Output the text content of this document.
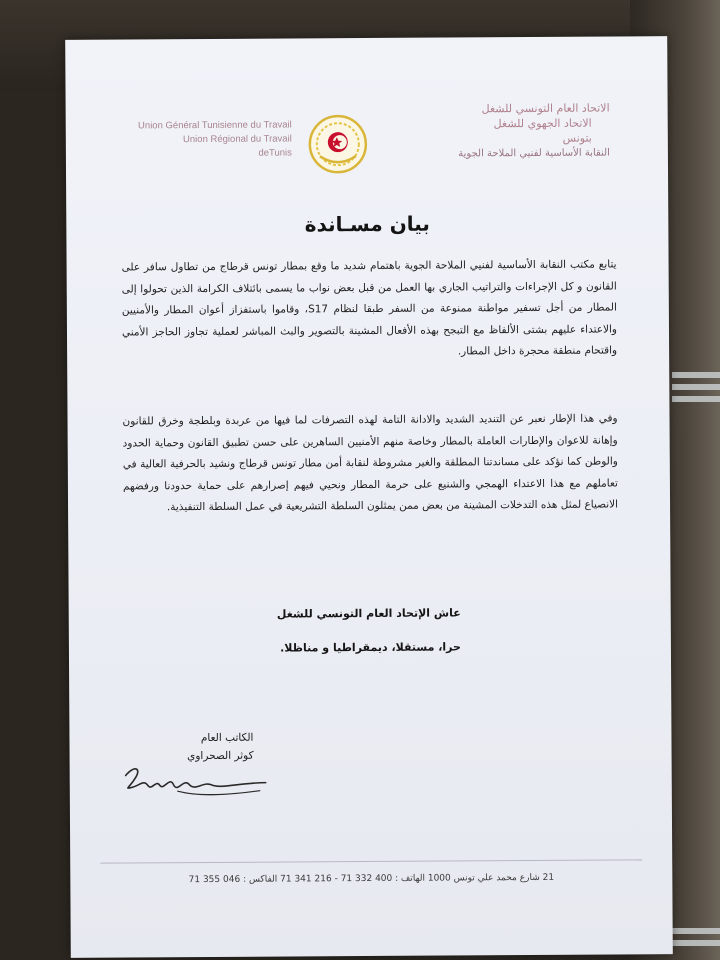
Union Général Tunisienne du Travail
Union Régional du Travail
deTunis
الاتحاد العام التونسي للشغل
الاتحاد الجهوي للشغل
بتونس
النقابة الأساسية لفنيي الملاحة الجوية
بيان مسـاندة
يتابع مكتب النقابة الأساسية لفنيي الملاحة الجوية باهتمام شديد ما وقع بمطار تونس قرطاج من تطاول سافر على القانون و كل الإجراءات والتراتيب الجاري بها العمل من قبل بعض نواب ما يسمى بائتلاف الكرامة الذين تحولوا إلى المطار من أجل تسفير مواطنة ممنوعة من السفر طبقا لنظام S17، وقاموا باستفزاز أعوان المطار والأمنيين والاعتداء عليهم بشتى الألفاظ مع التبجح بهذه الأفعال المشينة بالتصوير والبث المباشر لعملية تجاوز الحاجز الأمني واقتحام منطقة محجرة داخل المطار.
وفي هذا الإطار نعبر عن التنديد الشديد والادانة التامة لهذه التصرفات لما فيها من عربدة وبلطجة وخرق للقانون وإهانة للاعوان والإطارات العاملة بالمطار وخاصة منهم الأمنيين الساهرين على حسن تطبيق القانون وحماية الحدود والوطن كما نؤكد على مساندتنا المطلقة والغير مشروطة لنقابة أمن مطار تونس قرطاج ونشيد بالحرفية العالية في تعاملهم مع هذا الاعتداء الهمجي والشنيع على حرمة المطار ونحيي فيهم إصرارهم على حماية حدودنا ورفضهم الانصياع لمثل هذه التدخلات المشينة من بعض ممن يمثلون السلطة التشريعية في عمل السلطة التنفيذية.
عاش الإتحاد العام التونسي للشغل
حرا، مستقلا، ديمقراطيا و مناظلا.
الكاتب العام
كوثر الصحراوي
21 شارع محمد علي تونس 1000 الهاتف : 400 332 71 - 216 341 71 الفاكس : 046 355 71
